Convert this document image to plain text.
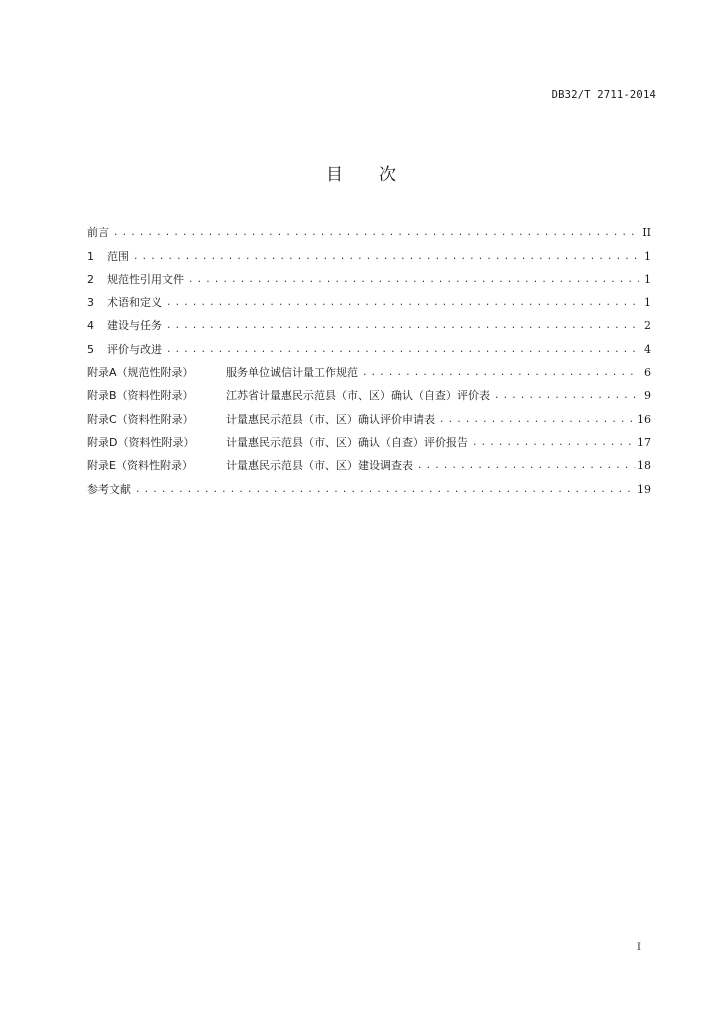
DB32/T 2711-2014
目 次
前言 .....	II
1	范围 .....	1
2	规范性引用文件 .....	1
3	术语和定义 .....	1
4	建设与任务 .....	2
5	评价与改进 .....	4
附录A（规范性附录）	服务单位诚信计量工作规范 .....	6
附录B（资料性附录）	江苏省计量惠民示范县（市、区）确认（自查）评价表 .....	9
附录C（资料性附录）	计量惠民示范县（市、区）确认评价申请表 .....	16
附录D（资料性附录）	计量惠民示范县（市、区）确认（自查）评价报告 .....	17
附录E（资料性附录）	计量惠民示范县（市、区）建设调查表 .....	18
参考文献 .....	19
I
